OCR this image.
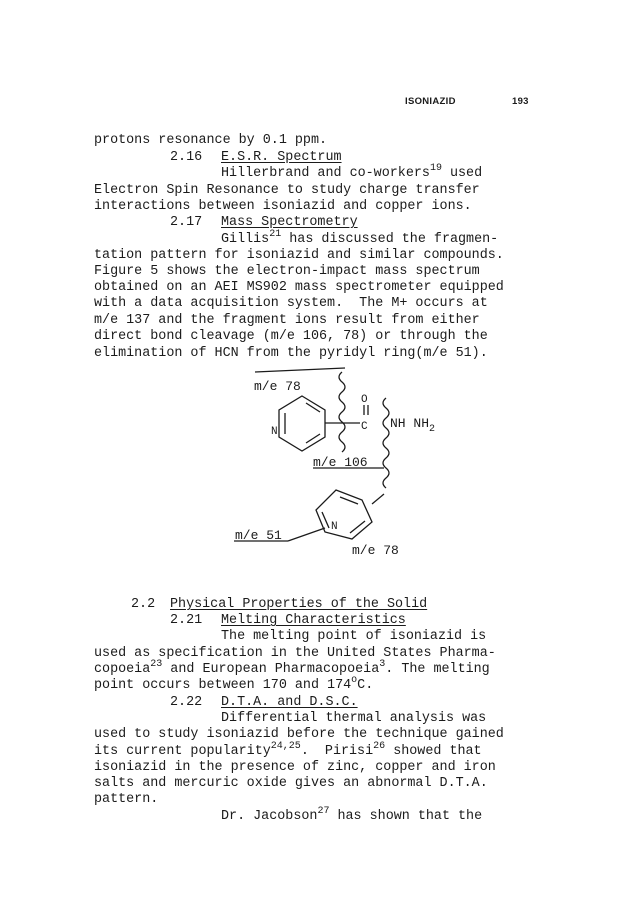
ISONIAZID	193
protons resonance by 0.1 ppm.
2.16 E.S.R. Spectrum
Hillerbrand and co-workers$^{19}$ used
Electron Spin Resonance to study charge transfer
interactions between isoniazid and copper ions.
2.17 Mass Spectrometry
Gillis$^{21}$ has discussed the fragmen-
tation pattern for isoniazid and similar compounds.
Figure 5 shows the electron-impact mass spectrum
obtained on an AEI MS902 mass spectrometer equipped
with a data acquisition system.  The M+ occurs at
m/e 137 and the fragment ions result from either
direct bond cleavage (m/e 106, 78) or through the
elimination of HCN from the pyridyl ring(m/e 51).
m/e 78
O
C NH $NH_2$
N
m/e 106
N
m/e 51
m/e 78
2.2 Physical Properties of the Solid
2.21 Melting Characteristics
The melting point of isoniazid is
used as specification in the United States Pharma-
copoeia$^{23}$ and European Pharmacopoeia$^3$. The melting
point occurs between 170 and 174$^o$C.
2.22 D.T.A. and D.S.C.
Differential thermal analysis was
used to study isoniazid before the technique gained
its current popularity$^{24,25}$.  Pirisi$^{26}$ showed that
isoniazid in the presence of zinc, copper and iron
salts and mercuric oxide gives an abnormal D.T.A.
pattern.
Dr. Jacobson$^{27}$ has shown that the
